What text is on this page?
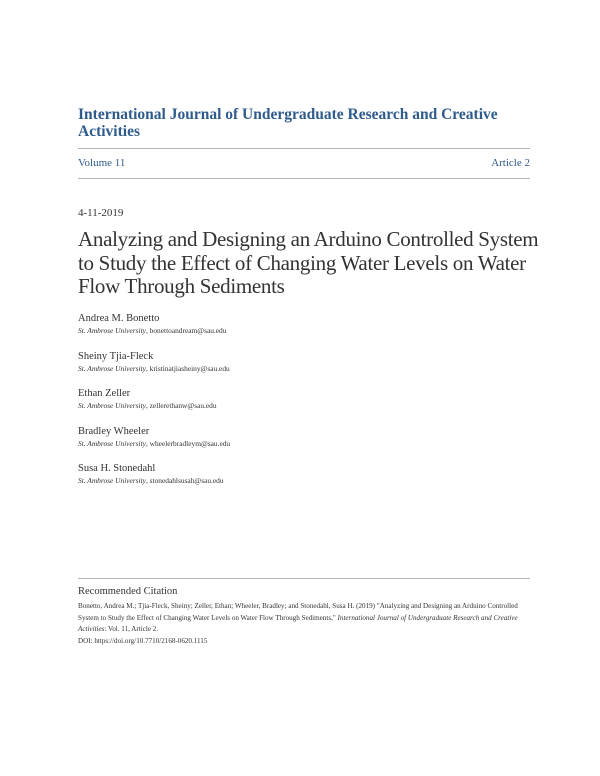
International Journal of Undergraduate Research and Creative Activities
Volume 11	Article 2
4-11-2019
Analyzing and Designing an Arduino Controlled System to Study the Effect of Changing Water Levels on Water Flow Through Sediments
Andrea M. Bonetto
St. Ambrose University, bonettoandream@sau.edu
Sheiny Tjia-Fleck
St. Ambrose University, kristinatjiasheiny@sau.edu
Ethan Zeller
St. Ambrose University, zellerethanw@sau.edu
Bradley Wheeler
St. Ambrose University, wheelerbradleym@sau.edu
Susa H. Stonedahl
St. Ambrose University, stonedahlsusah@sau.edu
Recommended Citation
Bonetto, Andrea M.; Tjia-Fleck, Sheiny; Zeller, Ethan; Wheeler, Bradley; and Stonedahl, Susa H. (2019) "Analyzing and Designing an Arduino Controlled System to Study the Effect of Changing Water Levels on Water Flow Through Sediments," International Journal of Undergraduate Research and Creative Activities: Vol. 11, Article 2.
DOI: https://doi.org/10.7710/2168-0620.1115
